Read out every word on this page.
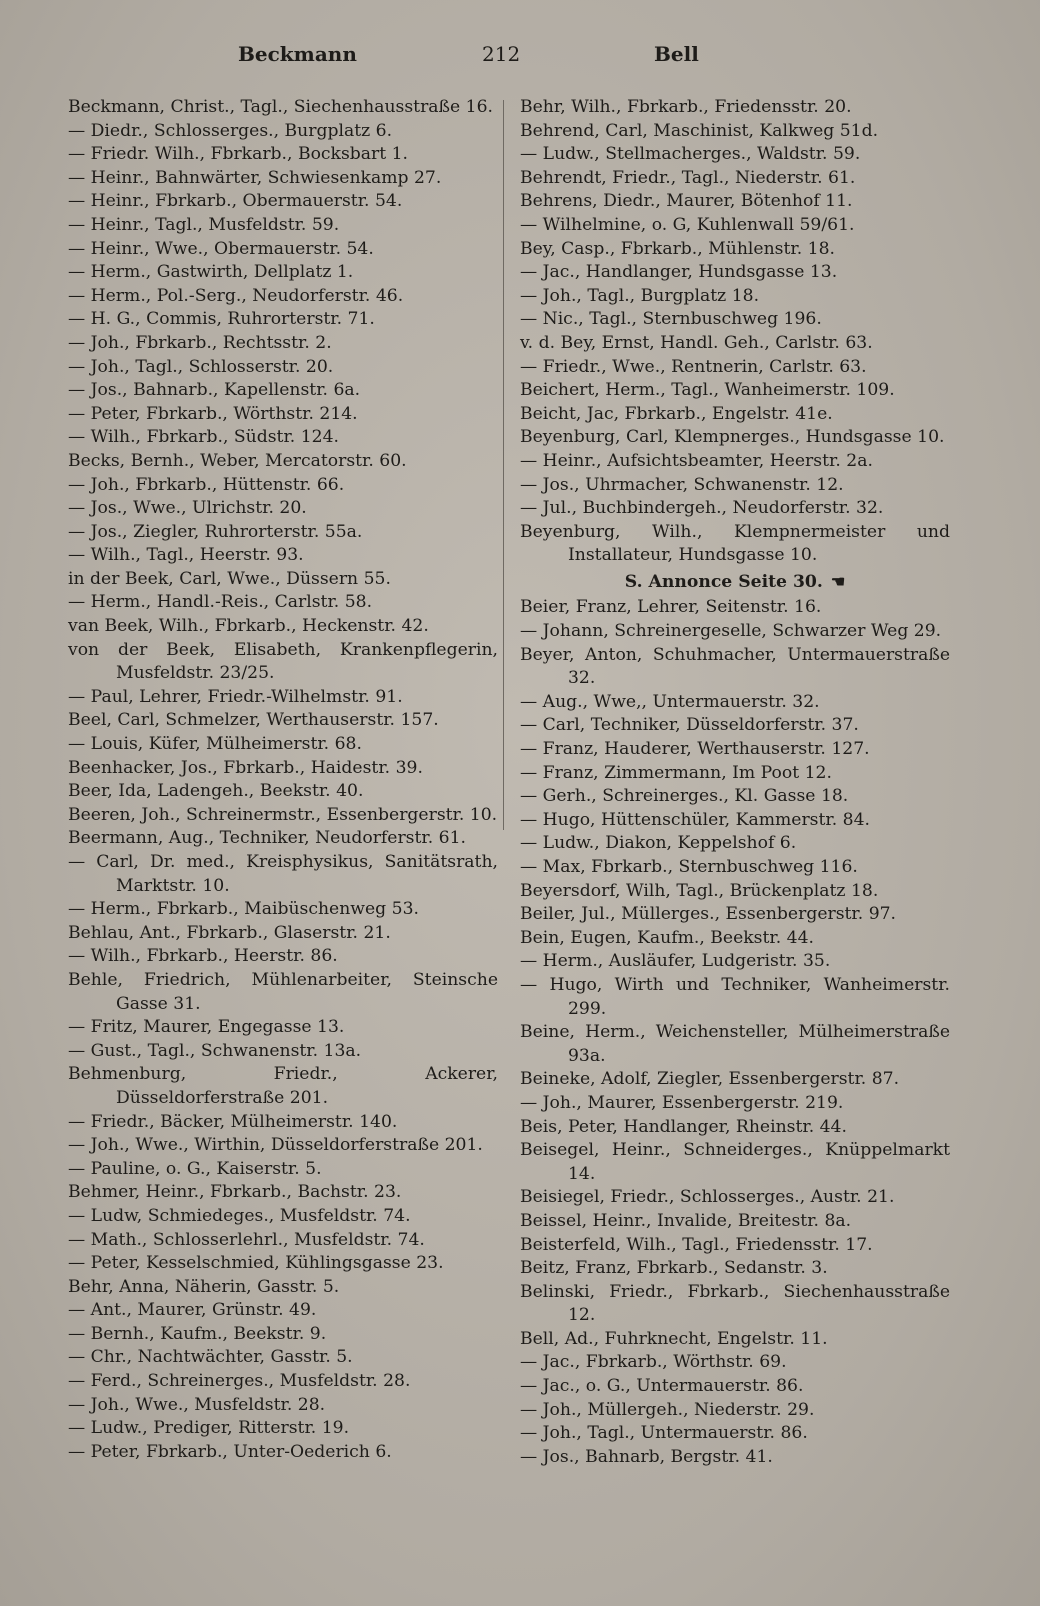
Beckmann	212	Bell
Beckmann, Christ., Tagl., Siechenhausstraße 16.
— Diedr., Schlosserges., Burgplatz 6.
— Friedr. Wilh., Fbrkarb., Bocksbart 1.
— Heinr., Bahnwärter, Schwiesenkamp 27.
— Heinr., Fbrkarb., Obermauerstr. 54.
— Heinr., Tagl., Musfeldstr. 59.
— Heinr., Wwe., Obermauerstr. 54.
— Herm., Gastwirth, Dellplatz 1.
— Herm., Pol.-Serg., Neudorferstr. 46.
— H. G., Commis, Ruhrorterstr. 71.
— Joh., Fbrkarb., Rechtsstr. 2.
— Joh., Tagl., Schlosserstr. 20.
— Jos., Bahnarb., Kapellenstr. 6a.
— Peter, Fbrkarb., Wörthstr. 214.
— Wilh., Fbrkarb., Südstr. 124.
Becks, Bernh., Weber, Mercatorstr. 60.
— Joh., Fbrkarb., Hüttenstr. 66.
— Jos., Wwe., Ulrichstr. 20.
— Jos., Ziegler, Ruhrorterstr. 55a.
— Wilh., Tagl., Heerstr. 93.
in der Beek, Carl, Wwe., Düssern 55.
— Herm., Handl.-Reis., Carlstr. 58.
van Beek, Wilh., Fbrkarb., Heckenstr. 42.
von der Beek, Elisabeth, Krankenpflegerin, Musfeldstr. 23/25.
— Paul, Lehrer, Friedr.-Wilhelmstr. 91.
Beel, Carl, Schmelzer, Werthauserstr. 157.
— Louis, Küfer, Mülheimerstr. 68.
Beenhacker, Jos., Fbrkarb., Haidestr. 39.
Beer, Ida, Ladengeh., Beekstr. 40.
Beeren, Joh., Schreinermstr., Essenbergerstr. 10.
Beermann, Aug., Techniker, Neudorferstr. 61.
— Carl, Dr. med., Kreisphysikus, Sanitätsrath, Marktstr. 10.
— Herm., Fbrkarb., Maibüschenweg 53.
Behlau, Ant., Fbrkarb., Glaserstr. 21.
— Wilh., Fbrkarb., Heerstr. 86.
Behle, Friedrich, Mühlenarbeiter, Steinsche Gasse 31.
— Fritz, Maurer, Engegasse 13.
— Gust., Tagl., Schwanenstr. 13a.
Behmenburg, Friedr., Ackerer, Düsseldorferstraße 201.
— Friedr., Bäcker, Mülheimerstr. 140.
— Joh., Wwe., Wirthin, Düsseldorferstraße 201.
— Pauline, o. G., Kaiserstr. 5.
Behmer, Heinr., Fbrkarb., Bachstr. 23.
— Ludw, Schmiedeges., Musfeldstr. 74.
— Math., Schlosserlehrl., Musfeldstr. 74.
— Peter, Kesselschmied, Kühlingsgasse 23.
Behr, Anna, Näherin, Gasstr. 5.
— Ant., Maurer, Grünstr. 49.
— Bernh., Kaufm., Beekstr. 9.
— Chr., Nachtwächter, Gasstr. 5.
— Ferd., Schreinerges., Musfeldstr. 28.
— Joh., Wwe., Musfeldstr. 28.
— Ludw., Prediger, Ritterstr. 19.
— Peter, Fbrkarb., Unter-Oederich 6.
Behr, Wilh., Fbrkarb., Friedensstr. 20.
Behrend, Carl, Maschinist, Kalkweg 51d.
— Ludw., Stellmacherges., Waldstr. 59.
Behrendt, Friedr., Tagl., Niederstr. 61.
Behrens, Diedr., Maurer, Bötenhof 11.
— Wilhelmine, o. G, Kuhlenwall 59/61.
Bey, Casp., Fbrkarb., Mühlenstr. 18.
— Jac., Handlanger, Hundsgasse 13.
— Joh., Tagl., Burgplatz 18.
— Nic., Tagl., Sternbuschweg 196.
v. d. Bey, Ernst, Handl. Geh., Carlstr. 63.
— Friedr., Wwe., Rentnerin, Carlstr. 63.
Beichert, Herm., Tagl., Wanheimerstr. 109.
Beicht, Jac, Fbrkarb., Engelstr. 41e.
Beyenburg, Carl, Klempnerges., Hundsgasse 10.
— Heinr., Aufsichtsbeamter, Heerstr. 2a.
— Jos., Uhrmacher, Schwanenstr. 12.
— Jul., Buchbindergeh., Neudorferstr. 32.
Beyenburg, Wilh., Klempnermeister und Installateur, Hundsgasse 10.
S. Annonce Seite 30. ☚
Beier, Franz, Lehrer, Seitenstr. 16.
— Johann, Schreinergeselle, Schwarzer Weg 29.
Beyer, Anton, Schuhmacher, Untermauerstraße 32.
— Aug., Wwe,, Untermauerstr. 32.
— Carl, Techniker, Düsseldorferstr. 37.
— Franz, Hauderer, Werthauserstr. 127.
— Franz, Zimmermann, Im Poot 12.
— Gerh., Schreinerges., Kl. Gasse 18.
— Hugo, Hüttenschüler, Kammerstr. 84.
— Ludw., Diakon, Keppelshof 6.
— Max, Fbrkarb., Sternbuschweg 116.
Beyersdorf, Wilh, Tagl., Brückenplatz 18.
Beiler, Jul., Müllerges., Essenbergerstr. 97.
Bein, Eugen, Kaufm., Beekstr. 44.
— Herm., Ausläufer, Ludgeristr. 35.
— Hugo, Wirth und Techniker, Wanheimerstr. 299.
Beine, Herm., Weichensteller, Mülheimerstraße 93a.
Beineke, Adolf, Ziegler, Essenbergerstr. 87.
— Joh., Maurer, Essenbergerstr. 219.
Beis, Peter, Handlanger, Rheinstr. 44.
Beisegel, Heinr., Schneiderges., Knüppelmarkt 14.
Beisiegel, Friedr., Schlosserges., Austr. 21.
Beissel, Heinr., Invalide, Breitestr. 8a.
Beisterfeld, Wilh., Tagl., Friedensstr. 17.
Beitz, Franz, Fbrkarb., Sedanstr. 3.
Belinski, Friedr., Fbrkarb., Siechenhausstraße 12.
Bell, Ad., Fuhrknecht, Engelstr. 11.
— Jac., Fbrkarb., Wörthstr. 69.
— Jac., o. G., Untermauerstr. 86.
— Joh., Müllergeh., Niederstr. 29.
— Joh., Tagl., Untermauerstr. 86.
— Jos., Bahnarb, Bergstr. 41.
